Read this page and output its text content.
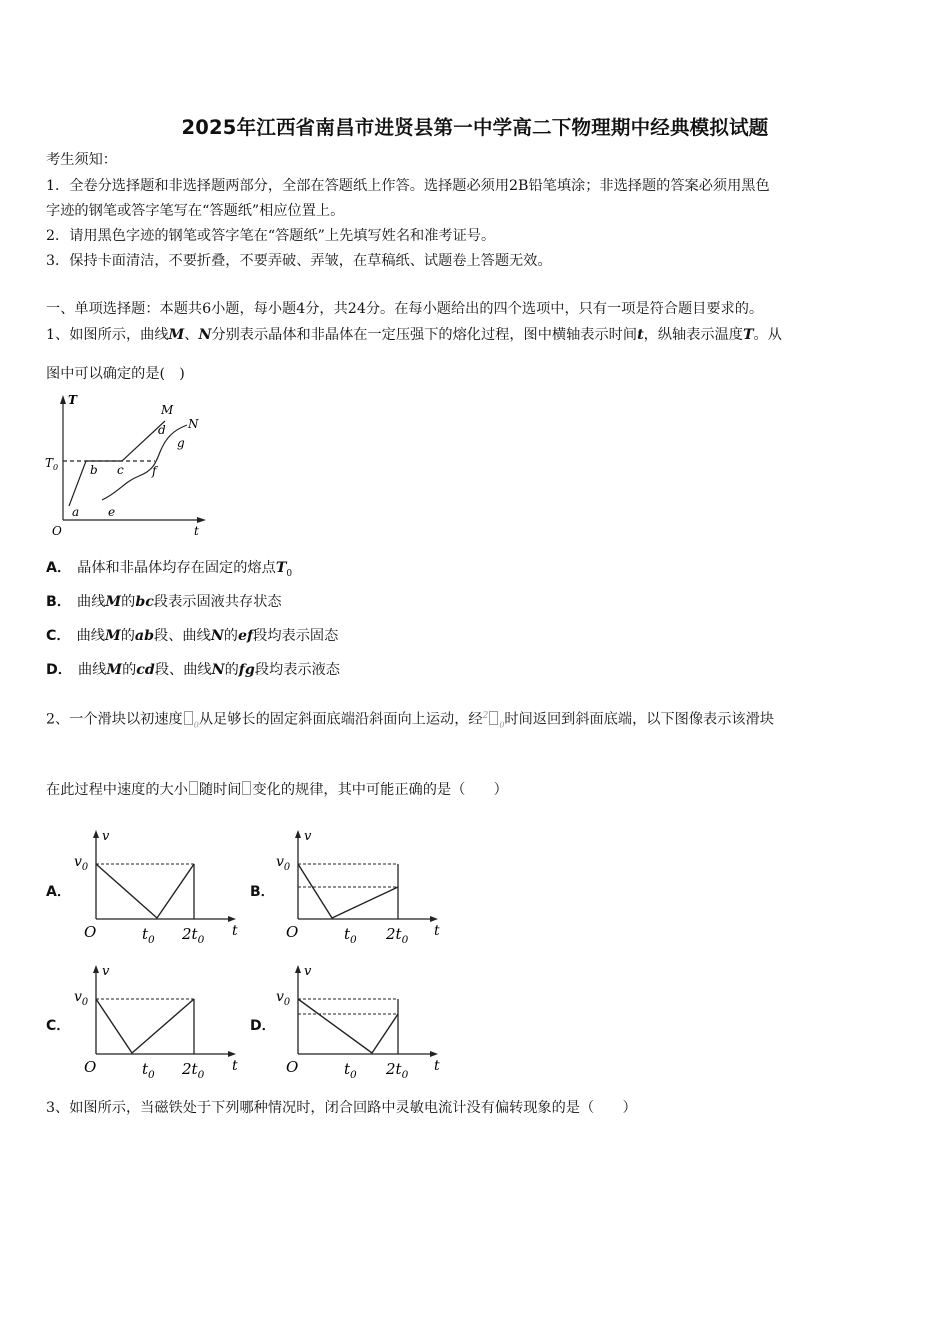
2025年江西省南昌市进贤县第一中学高二下物理期中经典模拟试题
考生须知：
1．全卷分选择题和非选择题两部分，全部在答题纸上作答。选择题必须用2B铅笔填涂；非选择题的答案必须用黑色
字迹的钢笔或答字笔写在“答题纸”相应位置上。
2．请用黑色字迹的钢笔或答字笔在“答题纸”上先填写姓名和准考证号。
3．保持卡面清洁，不要折叠，不要弄破、弄皱，在草稿纸、试题卷上答题无效。
一、单项选择题：本题共6小题，每小题4分，共24分。在每小题给出的四个选项中，只有一项是符合题目要求的。
1、如图所示，曲线M、N分别表示晶体和非晶体在一定压强下的熔化过程，图中横轴表示时间t，纵轴表示温度T。从
图中可以确定的是(　)
T
M
N
d
g
$T_0$	b c f
a e
O	t
A． 晶体和非晶体均存在固定的熔点$T_0$
B． 曲线M的bc段表示固液共存状态
C． 曲线M的ab段、曲线N的ef段均表示固态
D． 曲线M的cd段、曲线N的fg段均表示液态
2、一个滑块以初速度 $_0$从足够长的固定斜面底端沿斜面向上运动，经$^2_0$时间返回到斜面底端，以下图像表示该滑块
在此过程中速度的大小 随时间 变化的规律，其中可能正确的是（　　）
A．
v
$v_0$
O	$t_0$ $2t_0$
t
B．
v
$v_0$
O	$t_0$ $2t_0$
t
C．
v
$v_0$
O	$t_0$ $2t_0$
t
D．
v
$v_0$
O	$t_0$ $2t_0$
t
3、如图所示，当磁铁处于下列哪种情况时，闭合回路中灵敏电流计没有偏转现象的是（　　）
